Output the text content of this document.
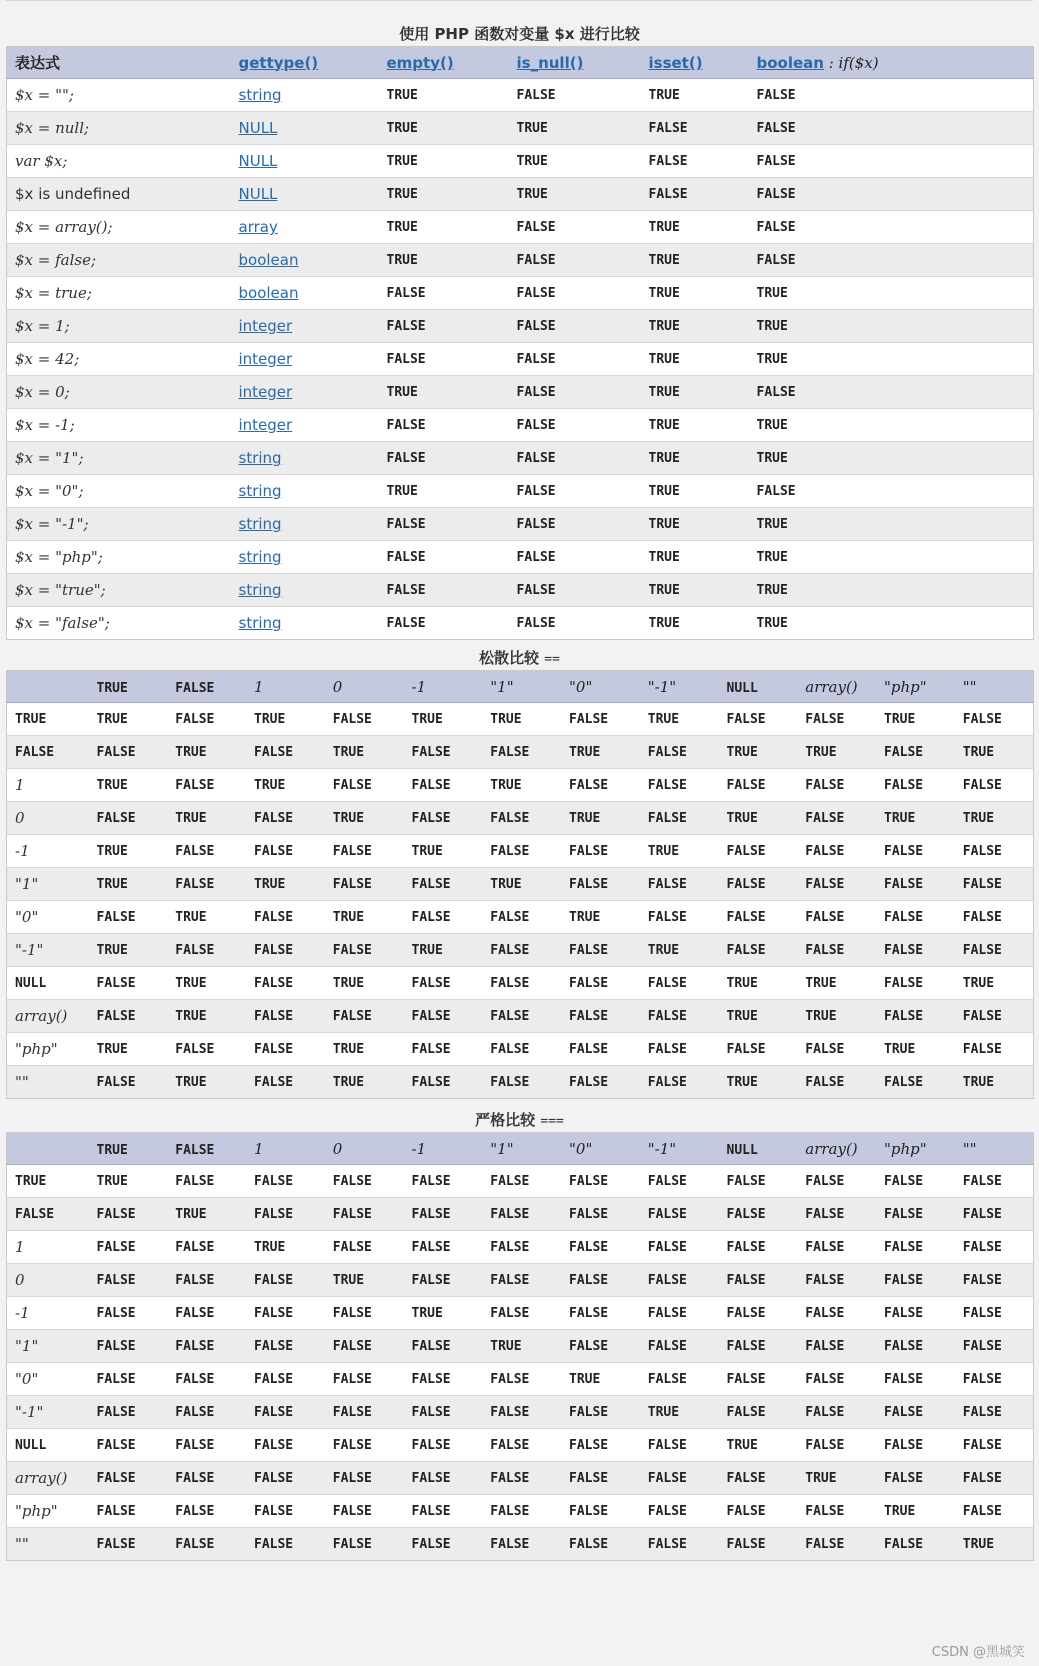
使用 PHP 函数对变量 $x 进行比较
表达式	gettype()	empty()	is_null()	isset()	boolean : if($x)
$x = "";	string	TRUE	FALSE	TRUE	FALSE
$x = null;	NULL	TRUE	TRUE	FALSE	FALSE
var $x;	NULL	TRUE	TRUE	FALSE	FALSE
$x is undefined	NULL	TRUE	TRUE	FALSE	FALSE
$x = array();	array	TRUE	FALSE	TRUE	FALSE
$x = false;	boolean	TRUE	FALSE	TRUE	FALSE
$x = true;	boolean	FALSE	FALSE	TRUE	TRUE
$x = 1;	integer	FALSE	FALSE	TRUE	TRUE
$x = 42;	integer	FALSE	FALSE	TRUE	TRUE
$x = 0;	integer	TRUE	FALSE	TRUE	FALSE
$x = -1;	integer	FALSE	FALSE	TRUE	TRUE
$x = "1";	string	FALSE	FALSE	TRUE	TRUE
$x = "0";	string	TRUE	FALSE	TRUE	FALSE
$x = "-1";	string	FALSE	FALSE	TRUE	TRUE
$x = "php";	string	FALSE	FALSE	TRUE	TRUE
$x = "true";	string	FALSE	FALSE	TRUE	TRUE
$x = "false";	string	FALSE	FALSE	TRUE	TRUE
松散比较 ==
	TRUE	FALSE	1	0	-1	"1"	"0"	"-1"	NULL	array()	"php"	""
TRUE	TRUE	FALSE	TRUE	FALSE	TRUE	TRUE	FALSE	TRUE	FALSE	FALSE	TRUE	FALSE
FALSE	FALSE	TRUE	FALSE	TRUE	FALSE	FALSE	TRUE	FALSE	TRUE	TRUE	FALSE	TRUE
1	TRUE	FALSE	TRUE	FALSE	FALSE	TRUE	FALSE	FALSE	FALSE	FALSE	FALSE	FALSE
0	FALSE	TRUE	FALSE	TRUE	FALSE	FALSE	TRUE	FALSE	TRUE	FALSE	TRUE	TRUE
-1	TRUE	FALSE	FALSE	FALSE	TRUE	FALSE	FALSE	TRUE	FALSE	FALSE	FALSE	FALSE
"1"	TRUE	FALSE	TRUE	FALSE	FALSE	TRUE	FALSE	FALSE	FALSE	FALSE	FALSE	FALSE
"0"	FALSE	TRUE	FALSE	TRUE	FALSE	FALSE	TRUE	FALSE	FALSE	FALSE	FALSE	FALSE
"-1"	TRUE	FALSE	FALSE	FALSE	TRUE	FALSE	FALSE	TRUE	FALSE	FALSE	FALSE	FALSE
NULL	FALSE	TRUE	FALSE	TRUE	FALSE	FALSE	FALSE	FALSE	TRUE	TRUE	FALSE	TRUE
array()	FALSE	TRUE	FALSE	FALSE	FALSE	FALSE	FALSE	FALSE	TRUE	TRUE	FALSE	FALSE
"php"	TRUE	FALSE	FALSE	TRUE	FALSE	FALSE	FALSE	FALSE	FALSE	FALSE	TRUE	FALSE
""	FALSE	TRUE	FALSE	TRUE	FALSE	FALSE	FALSE	FALSE	TRUE	FALSE	FALSE	TRUE
严格比较 ===
	TRUE	FALSE	1	0	-1	"1"	"0"	"-1"	NULL	array()	"php"	""
TRUE	TRUE	FALSE	FALSE	FALSE	FALSE	FALSE	FALSE	FALSE	FALSE	FALSE	FALSE	FALSE
FALSE	FALSE	TRUE	FALSE	FALSE	FALSE	FALSE	FALSE	FALSE	FALSE	FALSE	FALSE	FALSE
1	FALSE	FALSE	TRUE	FALSE	FALSE	FALSE	FALSE	FALSE	FALSE	FALSE	FALSE	FALSE
0	FALSE	FALSE	FALSE	TRUE	FALSE	FALSE	FALSE	FALSE	FALSE	FALSE	FALSE	FALSE
-1	FALSE	FALSE	FALSE	FALSE	TRUE	FALSE	FALSE	FALSE	FALSE	FALSE	FALSE	FALSE
"1"	FALSE	FALSE	FALSE	FALSE	FALSE	TRUE	FALSE	FALSE	FALSE	FALSE	FALSE	FALSE
"0"	FALSE	FALSE	FALSE	FALSE	FALSE	FALSE	TRUE	FALSE	FALSE	FALSE	FALSE	FALSE
"-1"	FALSE	FALSE	FALSE	FALSE	FALSE	FALSE	FALSE	TRUE	FALSE	FALSE	FALSE	FALSE
NULL	FALSE	FALSE	FALSE	FALSE	FALSE	FALSE	FALSE	FALSE	TRUE	FALSE	FALSE	FALSE
array()	FALSE	FALSE	FALSE	FALSE	FALSE	FALSE	FALSE	FALSE	FALSE	TRUE	FALSE	FALSE
"php"	FALSE	FALSE	FALSE	FALSE	FALSE	FALSE	FALSE	FALSE	FALSE	FALSE	TRUE	FALSE
""	FALSE	FALSE	FALSE	FALSE	FALSE	FALSE	FALSE	FALSE	FALSE	FALSE	FALSE	TRUE
CSDN @黑城笑
